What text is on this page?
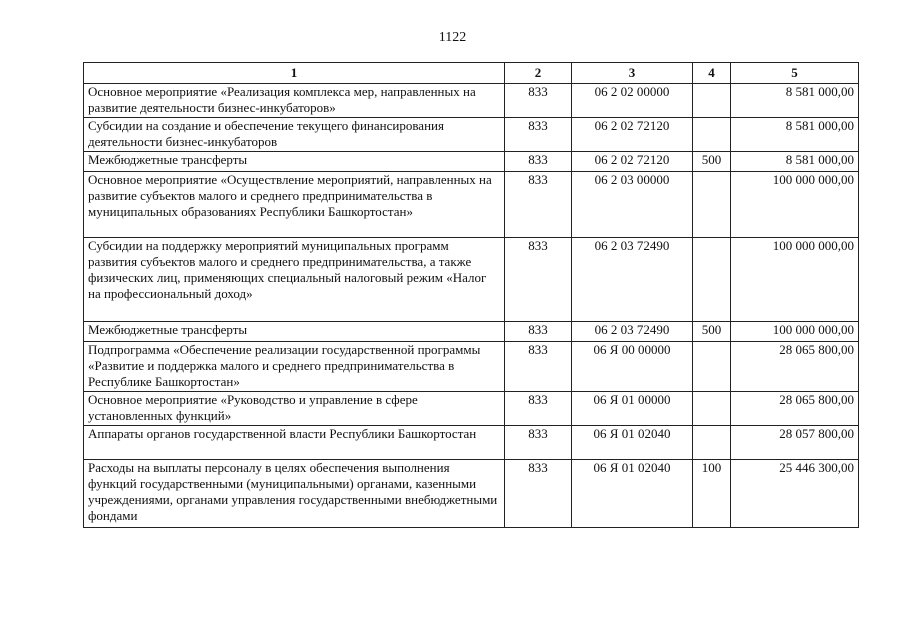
1122
1	2	3	4	5
Основное мероприятие «Реализация комплекса мер, направленных на развитие деятельности бизнес-инкубаторов»	833	06 2 02 00000		8 581 000,00
Субсидии на создание и обеспечение текущего финансирования деятельности бизнес-инкубаторов	833	06 2 02 72120		8 581 000,00
Межбюджетные трансферты	833	06 2 02 72120	500	8 581 000,00
Основное мероприятие «Осуществление мероприятий, направленных на развитие субъектов малого и среднего предпринимательства в муниципальных образованиях Республики Башкортостан»	833	06 2 03 00000		100 000 000,00
Субсидии на поддержку мероприятий муниципальных программ развития субъектов малого и среднего предпринимательства, а также физических лиц, применяющих специальный налоговый режим «Налог на профессиональный доход»	833	06 2 03 72490		100 000 000,00
Межбюджетные трансферты	833	06 2 03 72490	500	100 000 000,00
Подпрограмма «Обеспечение реализации государственной программы «Развитие и поддержка малого и среднего предпринимательства в Республике Башкортостан»	833	06 Я 00 00000		28 065 800,00
Основное мероприятие «Руководство и управление в сфере установленных функций»	833	06 Я 01 00000		28 065 800,00
Аппараты органов государственной власти Республики Башкортостан	833	06 Я 01 02040		28 057 800,00
Расходы на выплаты персоналу в целях обеспечения выполнения функций государственными (муниципальными) органами, казенными учреждениями, органами управления государственными внебюджетными фондами	833	06 Я 01 02040	100	25 446 300,00
